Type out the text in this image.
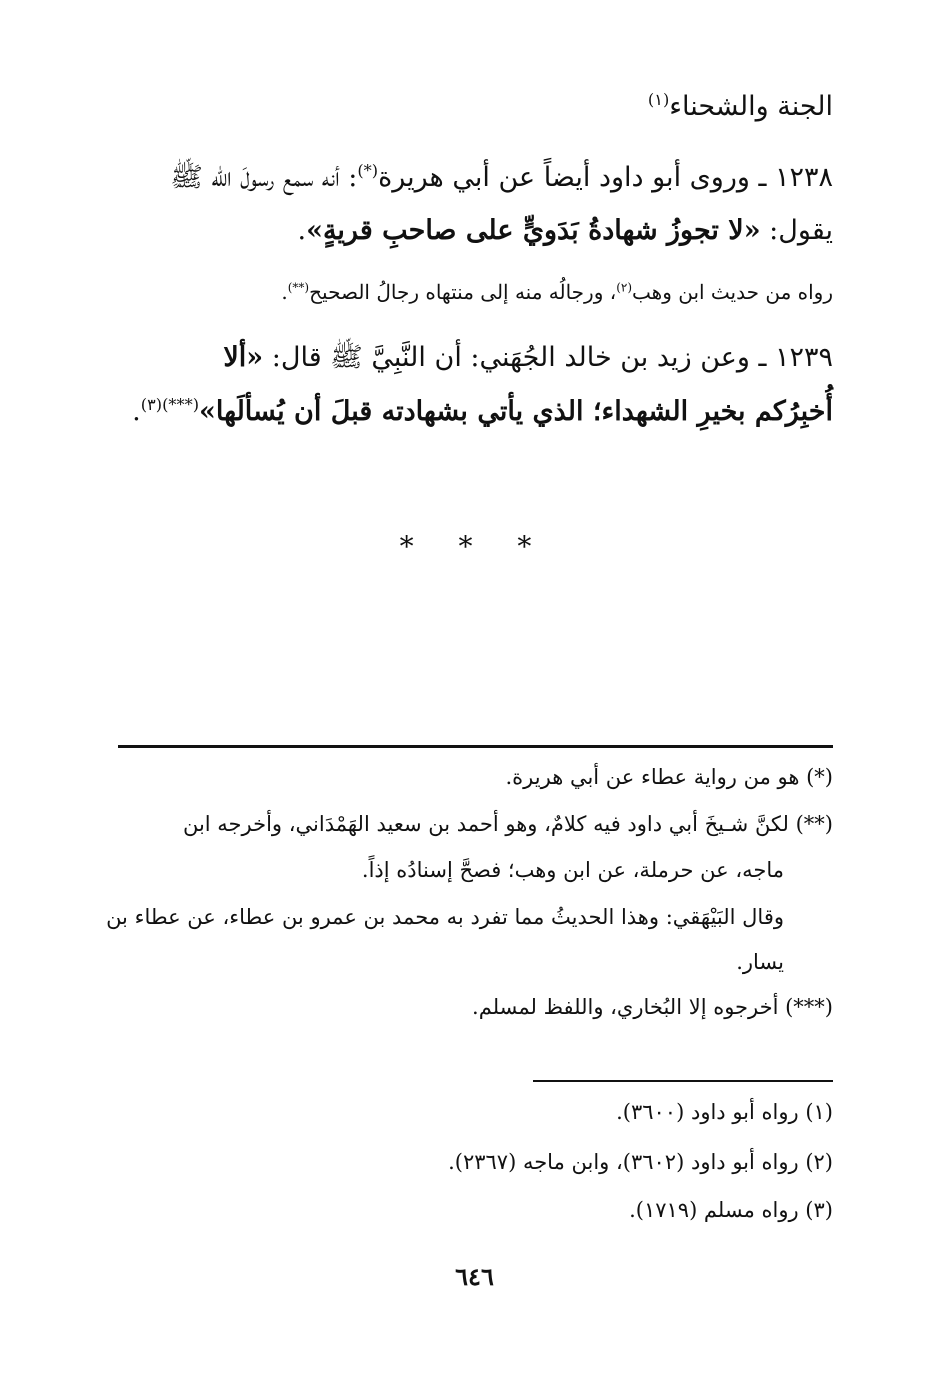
الجنة والشحناء$^{(١)}$
١٢٣٨ ـ وروى أبو داود أيضاً عن أبي هريرة(*): أنه سمع رسولَ الله ﷺ
يقول: «لا تجوزُ شهادةُ بَدَويٍّ على صاحبِ قريةٍ».
رواه من حديث ابن وهب$^{(٢)}$، ورجالُه منه إلى منتهاه رجالُ الصحيح(**).
١٢٣٩ ـ وعن زيد بن خالد الجُهَني: أن النَّبِيَّ ﷺ قال: «ألا
أُخبِرُكم بخيرِ الشهداء؛ الذي يأتي بشهادته قبلَ أن يُسألَها»$^{(***)(٣)}$.
* * *
(*) هو من رواية عطاء عن أبي هريرة.
(**) لكنَّ شـيخَ أبي داود فيه كلامٌ، وهو أحمد بن سعيد الهَمْدَاني، وأخرجه ابن
ماجه، عن حرملة، عن ابن وهب؛ فصحَّ إسنادُه إذاً.
وقال البَيْهَقي: وهذا الحديثُ مما تفرد به محمد بن عمرو بن عطاء، عن عطاء بن
يسار.
(***) أخرجوه إلا البُخاري، واللفظ لمسلم.
(١) رواه أبو داود (٣٦٠٠).
(٢) رواه أبو داود (٣٦٠٢)، وابن ماجه (٢٣٦٧).
(٣) رواه مسلم (١٧١٩).
٦٤٦
